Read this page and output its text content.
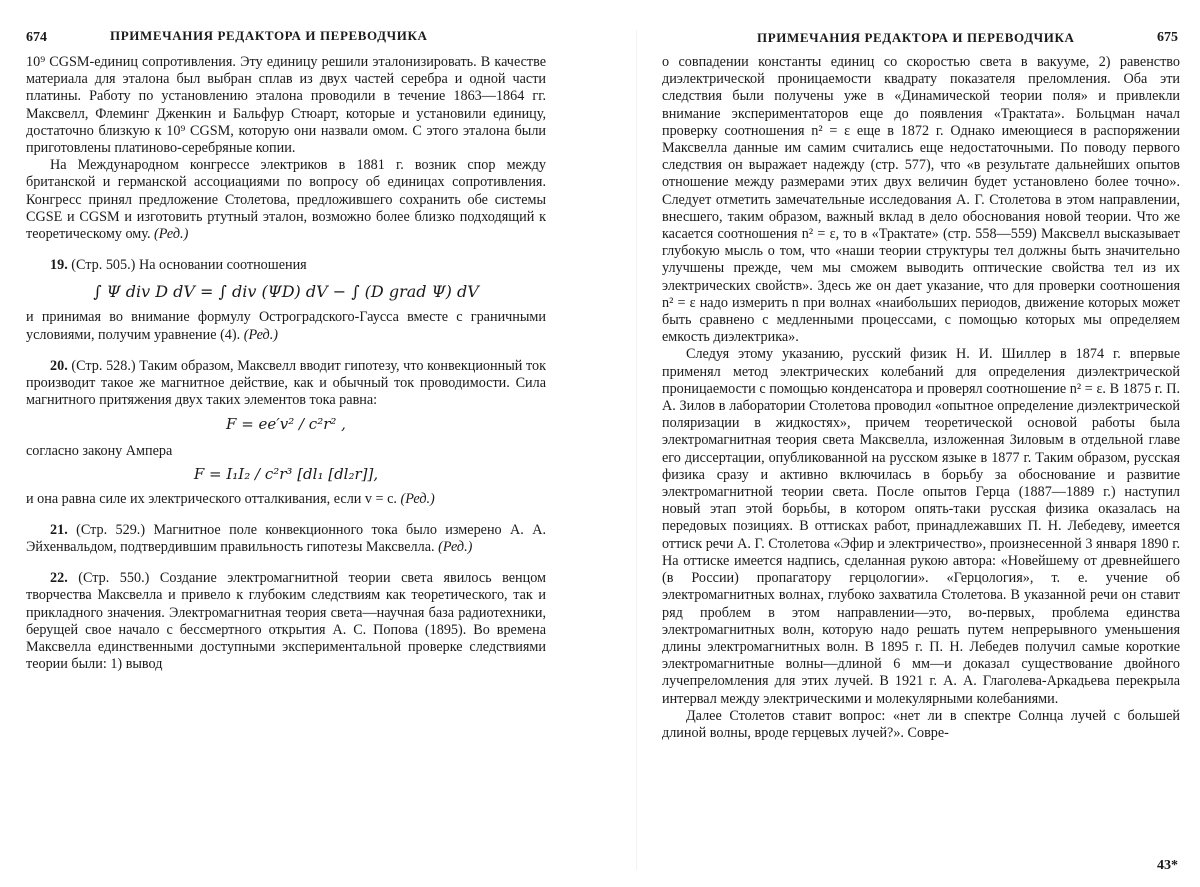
674	ПРИМЕЧАНИЯ РЕДАКТОРА И ПЕРЕВОДЧИКА

10⁹ CGSM-единиц сопротивления. Эту единицу решили эталонизировать. В качестве материала для эталона был выбран сплав из двух частей серебра и одной части платины. Работу по установлению эталона проводили в течение 1863—1864 гг. Максвелл, Флеминг Дженкин и Бальфур Стюарт, которые и установили единицу, достаточно близкую к 10⁹ CGSM, которую они назвали омом. С этого эталона были приготовлены платиново-серебряные копии.

На Международном конгрессе электриков в 1881 г. возник спор между британской и германской ассоциациями по вопросу об единицах сопротивления. Конгресс принял предложение Столетова, предложившего сохранить обе системы CGSE и CGSM и изготовить ртутный эталон, возможно более близко подходящий к теоретическому ому. (Ред.)

19. (Стр. 505.) На основании соотношения

∫ Ψ div D dV = ∫ div (ΨD) dV − ∫ (D grad Ψ) dV

и принимая во внимание формулу Остроградского-Гаусса вместе с граничными условиями, получим уравнение (4). (Ред.)

20. (Стр. 528.) Таким образом, Максвелл вводит гипотезу, что конвекционный ток производит такое же магнитное действие, как и обычный ток проводимости. Сила магнитного притяжения двух таких элементов тока равна:

F = ee′v² / c²r² ,

согласно закону Ампера

F = I₁I₂ / c²r³ [dl₁ [dl₂r]],

и она равна силе их электрического отталкивания, если v = c. (Ред.)

21. (Стр. 529.) Магнитное поле конвекционного тока было измерено А. А. Эйхенвальдом, подтвердившим правильность гипотезы Максвелла. (Ред.)

22. (Стр. 550.) Создание электромагнитной теории света явилось венцом творчества Максвелла и привело к глубоким следствиям как теоретического, так и прикладного значения. Электромагнитная теория света—научная база радиотехники, берущей свое начало с бессмертного открытия А. С. Попова (1895). Во времена Максвелла единственными доступными экспериментальной проверке следствиями теории были: 1) вывод

ПРИМЕЧАНИЯ РЕДАКТОРА И ПЕРЕВОДЧИКА	675

о совпадении константы единиц со скоростью света в вакууме, 2) равенство диэлектрической проницаемости квадрату показателя преломления. Оба эти следствия были получены уже в «Динамической теории поля» и привлекли внимание экспериментаторов еще до появления «Трактата». Больцман начал проверку соотношения n² = ε еще в 1872 г. Однако имеющиеся в распоряжении Максвелла данные им самим считались еще недостаточными. По поводу первого следствия он выражает надежду (стр. 577), что «в результате дальнейших опытов отношение между размерами этих двух величин будет установлено более точно». Следует отметить замечательные исследования А. Г. Столетова в этом направлении, внесшего, таким образом, важный вклад в дело обоснования новой теории. Что же касается соотношения n² = ε, то в «Трактате» (стр. 558—559) Максвелл высказывает глубокую мысль о том, что «наши теории структуры тел должны быть значительно улучшены прежде, чем мы сможем выводить оптические свойства тел из их электрических свойств». Здесь же он дает указание, что для проверки соотношения n² = ε надо измерить n при волнах «наибольших периодов, движение которых может быть сравнено с медленными процессами, с помощью которых мы определяем емкость диэлектрика».

Следуя этому указанию, русский физик Н. И. Шиллер в 1874 г. впервые применял метод электрических колебаний для определения диэлектрической проницаемости с помощью конденсатора и проверял соотношение n² = ε. В 1875 г. П. А. Зилов в лаборатории Столетова проводил «опытное определение диэлектрической поляризации в жидкостях», причем теоретической основой работы была электромагнитная теория света Максвелла, изложенная Зиловым в отдельной главе его диссертации, опубликованной на русском языке в 1877 г. Таким образом, русская физика сразу и активно включилась в борьбу за обоснование и развитие электромагнитной теории света. После опытов Герца (1887—1889 г.) наступил новый этап этой борьбы, в котором опять-таки русская физика оказалась на передовых позициях. В оттисках работ, принадлежавших П. Н. Лебедеву, имеется оттиск речи А. Г. Столетова «Эфир и электричество», произнесенной 3 января 1890 г. На оттиске имеется надпись, сделанная рукою автора: «Новейшему от древнейшего (в России) пропагатору герцологии». «Герцология», т. е. учение об электромагнитных волнах, глубоко захватила Столетова. В указанной речи он ставит ряд проблем в этом направлении—это, во-первых, проблема единства электромагнитных волн, которую надо решать путем непрерывного уменьшения длины электромагнитных волн. В 1895 г. П. Н. Лебедев получил самые короткие электромагнитные волны—длиной 6 мм—и доказал существование двойного лучепреломления для этих лучей. В 1921 г. А. А. Глаголева-Аркадьева перекрыла интервал между электрическими и молекулярными колебаниями.

Далее Столетов ставит вопрос: «нет ли в спектре Солнца лучей с большей длиной волны, вроде герцевых лучей?». Совре-

43*
